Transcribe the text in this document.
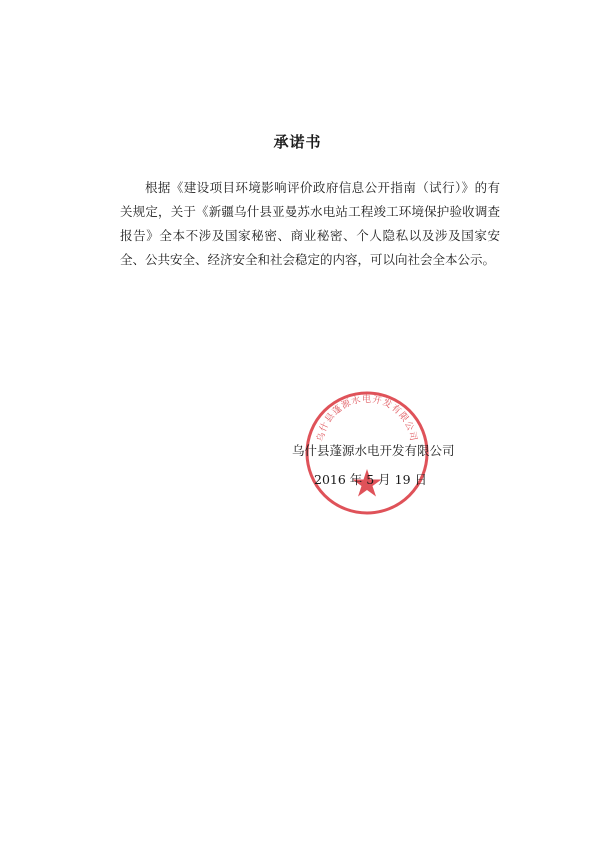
承诺书

根据《建设项目环境影响评价政府信息公开指南（试行）》的有关规定，关于《新疆乌什县亚曼苏水电站工程竣工环境保护验收调查报告》全本不涉及国家秘密、商业秘密、个人隐私以及涉及国家安全、公共安全、经济安全和社会稳定的内容，可以向社会全本公示。

乌什县蓬源水电开发有限公司
乌什县蓬源水电开发有限公司
2016 年 5 月 19 日
